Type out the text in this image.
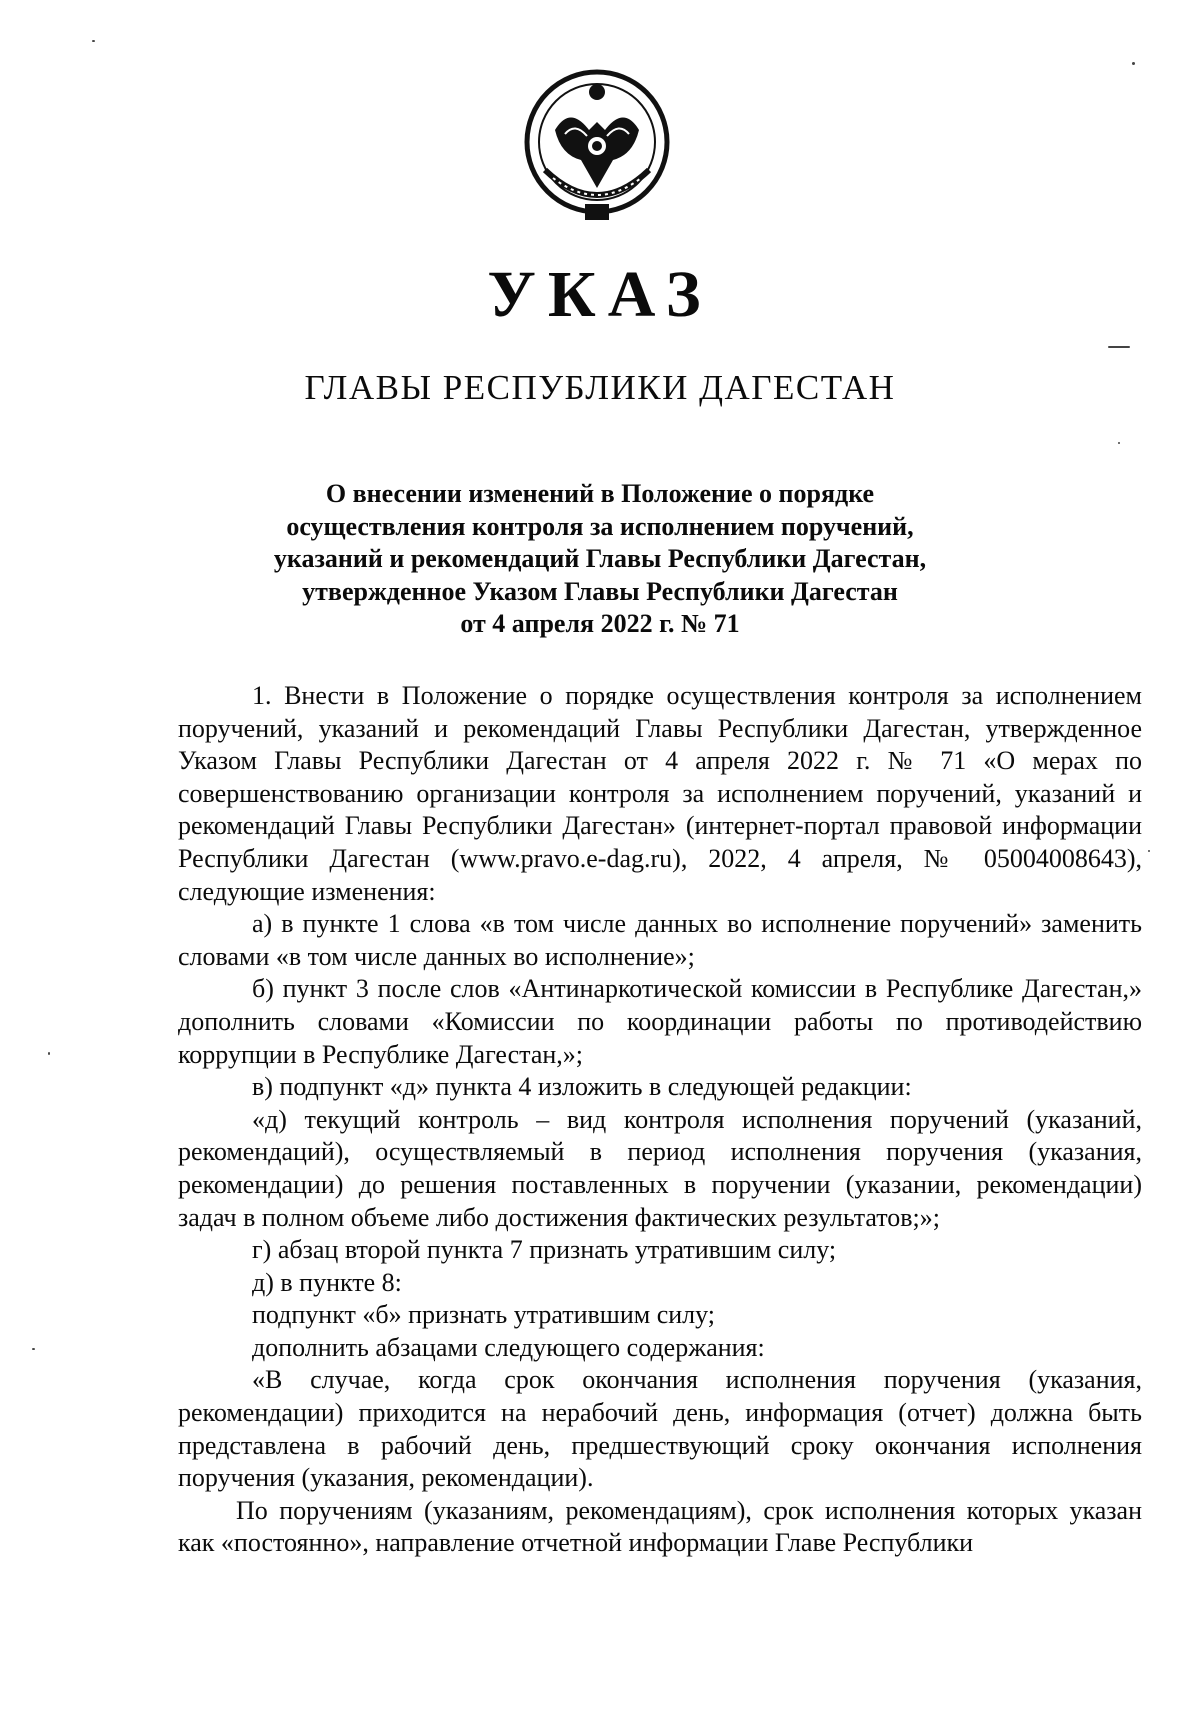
УКАЗ
ГЛАВЫ РЕСПУБЛИКИ ДАГЕСТАН
О внесении изменений в Положение о порядке
осуществления контроля за исполнением поручений,
указаний и рекомендаций Главы Республики Дагестан,
утвержденное Указом Главы Республики Дагестан
от 4 апреля 2022 г. № 71

1. Внести в Положение о порядке осуществления контроля за исполнением поручений, указаний и рекомендаций Главы Республики Дагестан, утвержденное Указом Главы Республики Дагестан от 4 апреля 2022 г. № 71 «О мерах по совершенствованию организации контроля за исполнением поручений, указаний и рекомендаций Главы Республики Дагестан» (интернет-портал правовой информации Республики Дагестан (www.pravo.e-dag.ru), 2022, 4 апреля, № 05004008643), следующие изменения:

а) в пункте 1 слова «в том числе данных во исполнение поручений» заменить словами «в том числе данных во исполнение»;

б) пункт 3 после слов «Антинаркотической комиссии в Республике Дагестан,» дополнить словами «Комиссии по координации работы по противодействию коррупции в Республике Дагестан,»;

в) подпункт «д» пункта 4 изложить в следующей редакции:

«д) текущий контроль – вид контроля исполнения поручений (указаний, рекомендаций), осуществляемый в период исполнения поручения (указания, рекомендации) до решения поставленных в поручении (указании, рекомендации) задач в полном объеме либо достижения фактических результатов;»;

г) абзац второй пункта 7 признать утратившим силу;

д) в пункте 8:

подпункт «б» признать утратившим силу;

дополнить абзацами следующего содержания:

«В случае, когда срок окончания исполнения поручения (указания, рекомендации) приходится на нерабочий день, информация (отчет) должна быть представлена в рабочий день, предшествующий сроку окончания исполнения поручения (указания, рекомендации).

По поручениям (указаниям, рекомендациям), срок исполнения которых указан как «постоянно», направление отчетной информации Главе Республики
